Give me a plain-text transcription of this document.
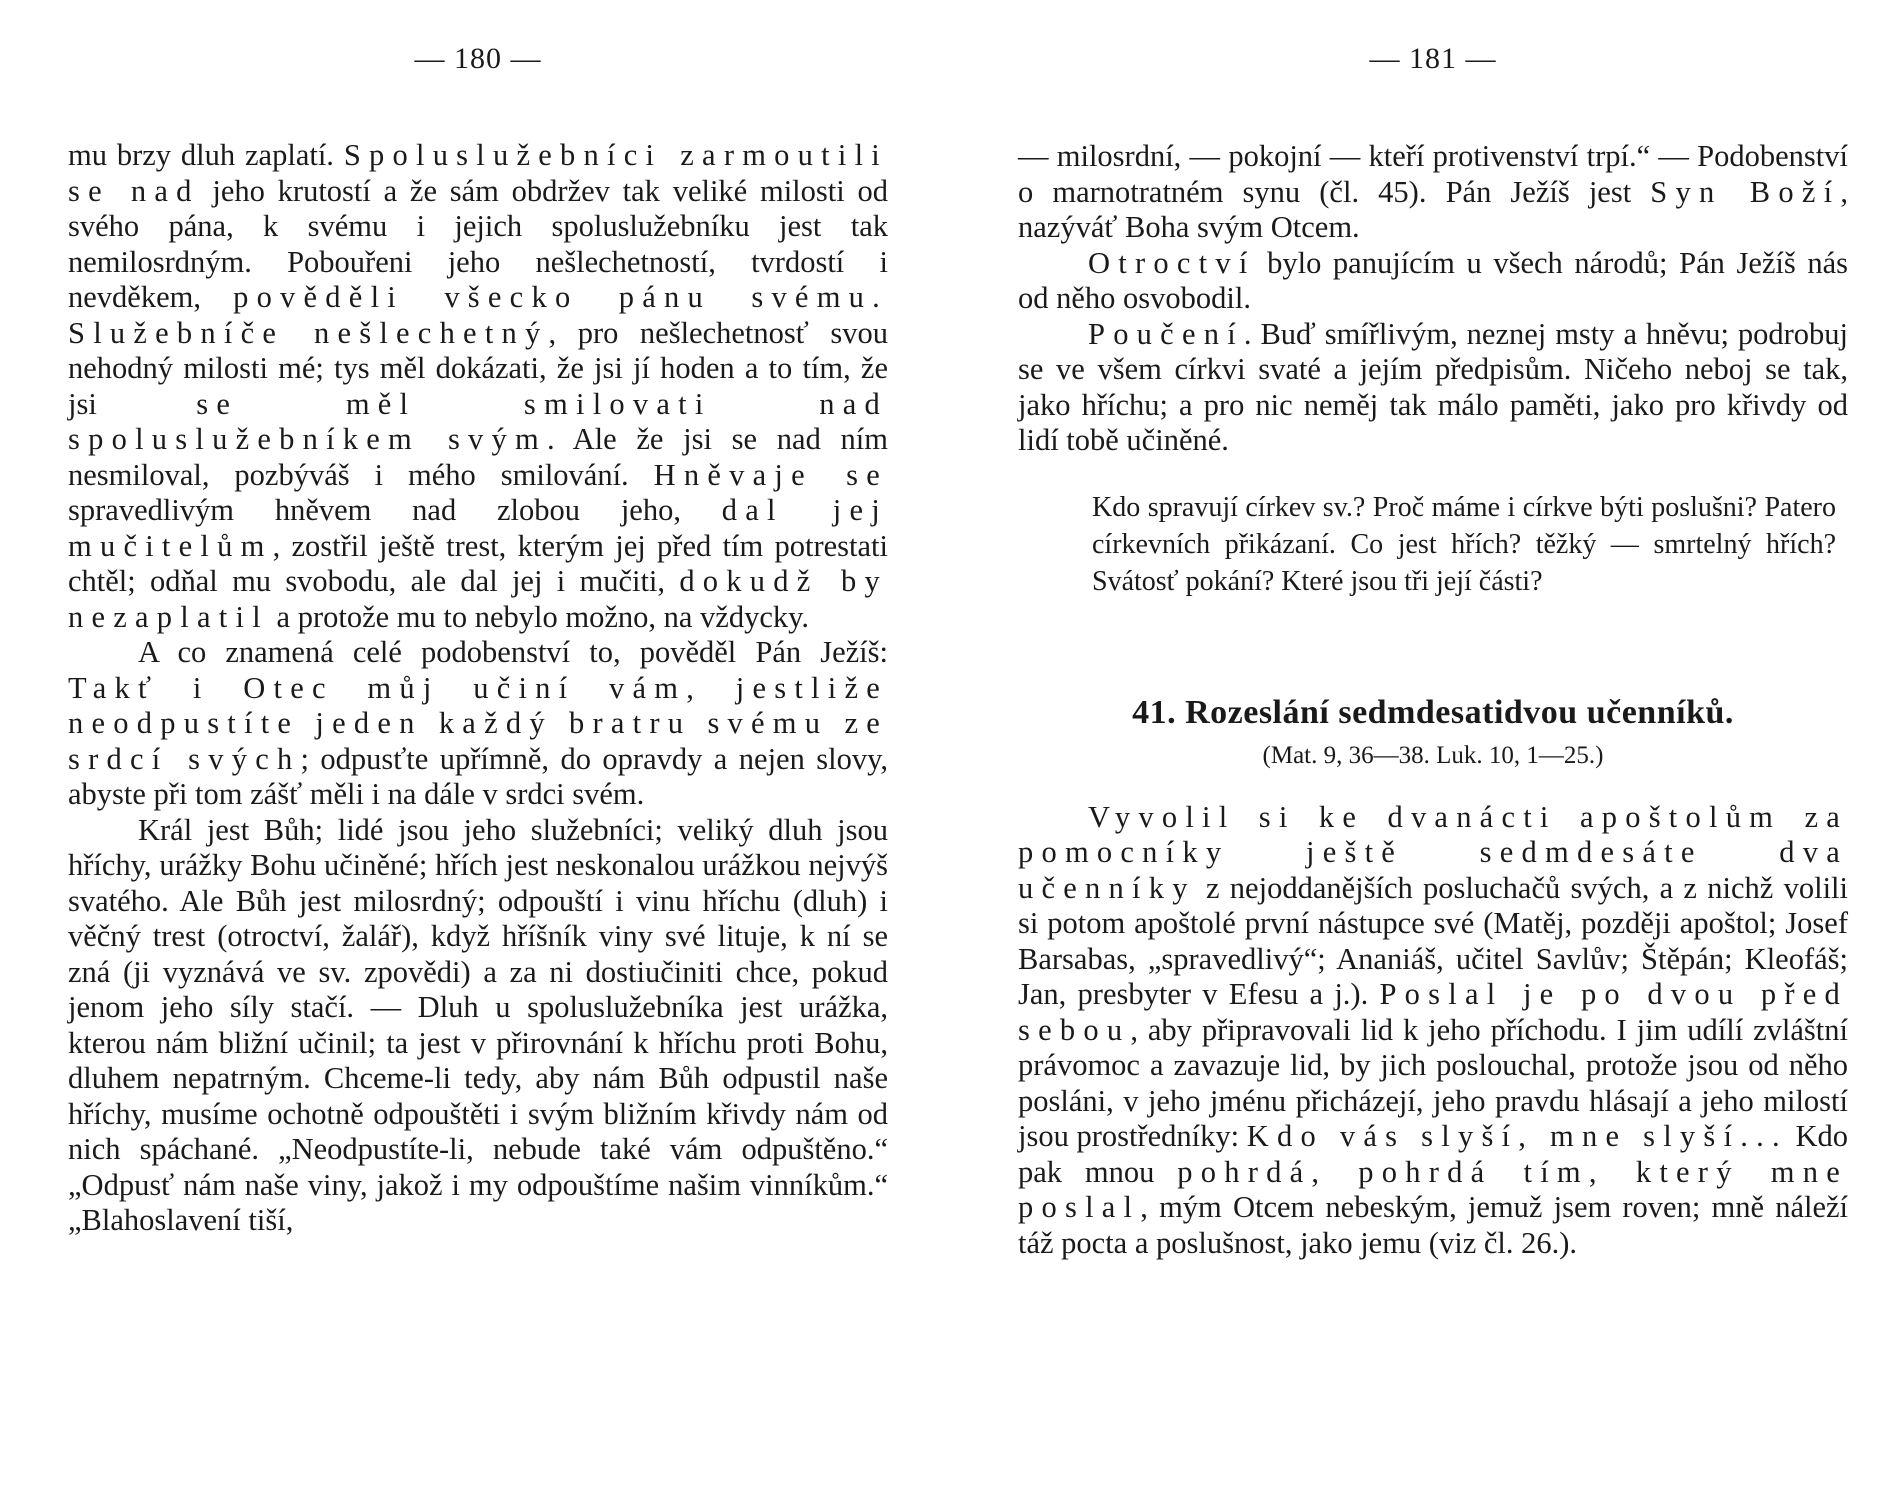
— 180 —

mu brzy dluh zaplatí. Spoluslužebníci zarmoutili se nad jeho krutostí a že sám obdržev tak veliké milosti od svého pána, k svému i jejich spoluslužebníku jest tak nemilosrdným. Pobouřeni jeho nešlechetností, tvrdostí i nevděkem, pověděli všecko pánu svému. Služebníče nešlechetný, pro nešlechetnosť svou nehodný milosti mé; tys měl dokázati, že jsi jí hoden a to tím, že jsi se měl smilovati nad spoluslužebníkem svým. Ale že jsi se nad ním nesmiloval, pozbýváš i mého smilování. Hněvaje se spravedlivým hněvem nad zlobou jeho, dal jej mučitelům, zostřil ještě trest, kterým jej před tím potrestati chtěl; odňal mu svobodu, ale dal jej i mučiti, dokudž by nezaplatil a protože mu to nebylo možno, na vždycky.

A co znamená celé podobenství to, pověděl Pán Ježíš: Takť i Otec můj učiní vám, jestliže neodpustíte jeden každý bratru svému ze srdcí svých; odpusťte upřímně, do opravdy a nejen slovy, abyste při tom zášť měli i na dále v srdci svém.

Král jest Bůh; lidé jsou jeho služebníci; veliký dluh jsou hříchy, urážky Bohu učiněné; hřích jest neskonalou urážkou nejvýš svatého. Ale Bůh jest milosrdný; odpouští i vinu hříchu (dluh) i věčný trest (otroctví, žalář), když hříšník viny své lituje, k ní se zná (ji vyznává ve sv. zpovědi) a za ni dostiučiniti chce, pokud jenom jeho síly stačí. — Dluh u spoluslužebníka jest urážka, kterou nám bližní učinil; ta jest v přirovnání k hříchu proti Bohu, dluhem nepatrným. Chceme-li tedy, aby nám Bůh odpustil naše hříchy, musíme ochotně odpouštěti i svým bližním křivdy nám od nich spáchané. „Neodpustíte-li, nebude také vám odpuštěno.“ „Odpusť nám naše viny, jakož i my odpouštíme našim vinníkům.“ „Blahoslavení tiší,

— 181 —

— milosrdní, — pokojní — kteří protivenství trpí.“ — Podobenství o marnotratném synu (čl. 45). Pán Ježíš jest Syn Boží, nazýváť Boha svým Otcem.

Otroctví bylo panujícím u všech národů; Pán Ježíš nás od něho osvobodil.

Poučení. Buď smířlivým, neznej msty a hněvu; podrobuj se ve všem církvi svaté a jejím předpisům. Ničeho neboj se tak, jako hříchu; a pro nic neměj tak málo paměti, jako pro křivdy od lidí tobě učiněné.

Kdo spravují církev sv.? Proč máme i církve býti poslušni? Patero církevních přikázaní. Co jest hřích? těžký — smrtelný hřích? Svátosť pokání? Které jsou tři její části?

41. Rozeslání sedmdesatidvou učenníků.
(Mat. 9, 36—38. Luk. 10, 1—25.)

Vyvolil si ke dvanácti apoštolům za pomocníky ještě sedmdesáte dva učenníky z nejoddanějších posluchačů svých, a z nichž volili si potom apoštolé první nástupce své (Matěj, později apoštol; Josef Barsabas, „spravedlivý“; Ananiáš, učitel Savlův; Štěpán; Kleofáš; Jan, presbyter v Efesu a j.). Poslal je po dvou před sebou, aby připravovali lid k jeho příchodu. I jim udílí zvláštní právomoc a zavazuje lid, by jich poslouchal, protože jsou od něho posláni, v jeho jménu přicházejí, jeho pravdu hlásají a jeho milostí jsou prostředníky: Kdo vás slyší, mne slyší... Kdo pak mnou pohrdá, pohrdá tím, který mne poslal, mým Otcem nebeským, jemuž jsem roven; mně náleží táž pocta a poslušnost, jako jemu (viz čl. 26.).
